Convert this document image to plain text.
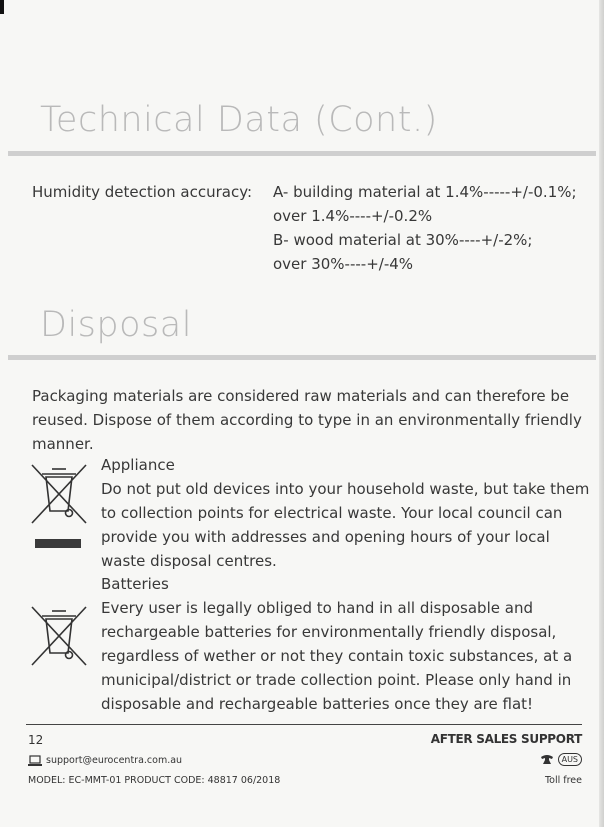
Technical Data (Cont.)
Humidity detection accuracy: A- building material at 1.4%-----+/-0.1%;
over 1.4%----+/-0.2%
B- wood material at 30%----+/-2%;
over 30%----+/-4%
Disposal
Packaging materials are considered raw materials and can therefore be reused. Dispose of them according to type in an environmentally friendly manner.
Appliance
Do not put old devices into your household waste, but take them to collection points for electrical waste. Your local council can provide you with addresses and opening hours of your local waste disposal centres.
Batteries
Every user is legally obliged to hand in all disposable and rechargeable batteries for environmentally friendly disposal, regardless of wether or not they contain toxic substances, at a municipal/district or trade collection point. Please only hand in disposable and rechargeable batteries once they are flat!
12	AFTER SALES SUPPORT
support@eurocentra.com.au
MODEL: EC-MMT-01 PRODUCT CODE: 48817 06/2018
AUS
Toll free
